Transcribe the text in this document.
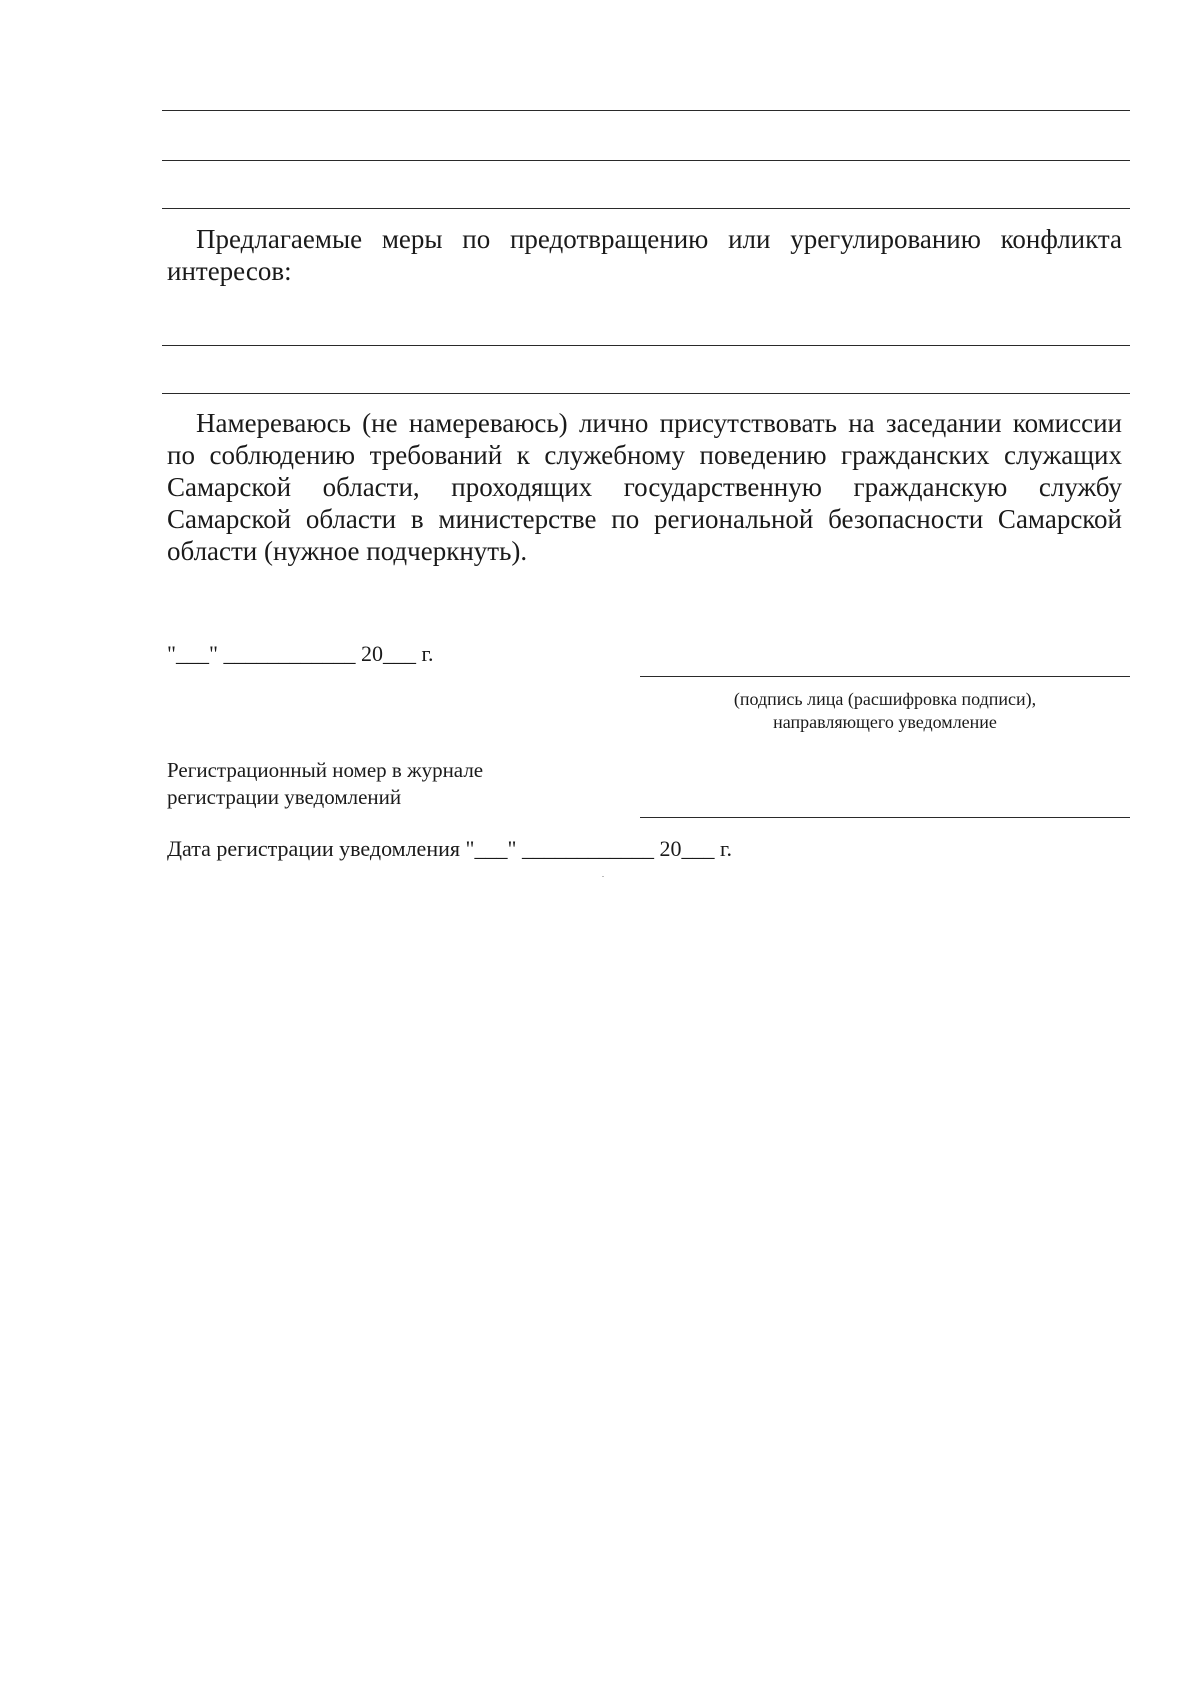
Предлагаемые меры по предотвращению или урегулированию конфликта интересов:

Намереваюсь (не намереваюсь) лично присутствовать на заседании комиссии по соблюдению требований к служебному поведению гражданских служащих Самарской области, проходящих государственную гражданскую службу Самарской области в министерстве по региональной безопасности Самарской области (нужное подчеркнуть).

"___" ____________ 20___ г.

(подпись лица (расшифровка подписи),

направляющего уведомление

Регистрационный номер в журнале

регистрации уведомлений

Дата регистрации уведомления "___" ____________ 20___ г.
